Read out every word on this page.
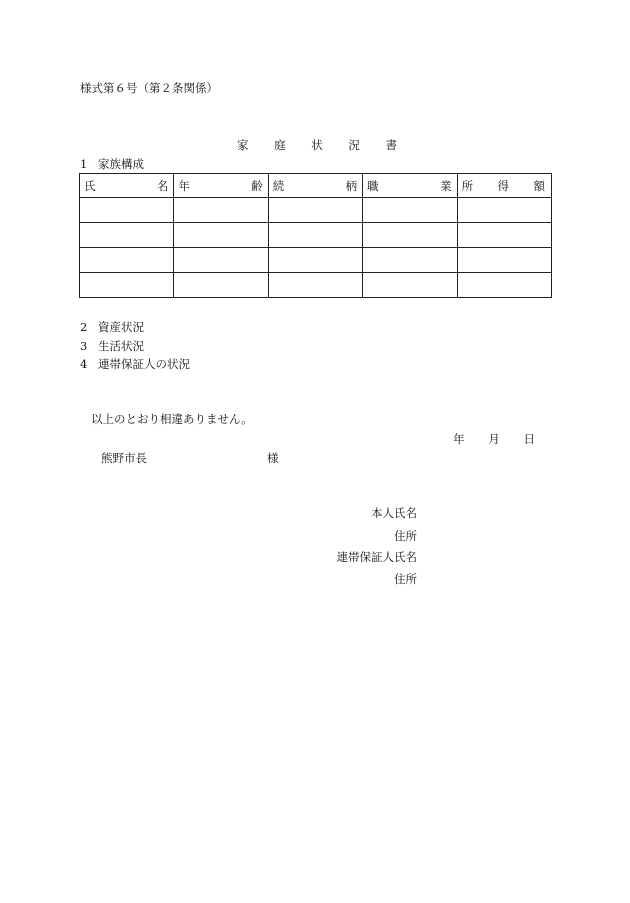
様式第６号（第２条関係）
家 庭 状 況 書
1 家族構成
氏 名	年 齢	続 柄	職 業	所 得 額

2 資産状況
3 生活状況
4 連帯保証人の状況
以上のとおり相違ありません。
年 月 日
熊野市長	様
本人氏名
住所
連帯保証人氏名
住所
